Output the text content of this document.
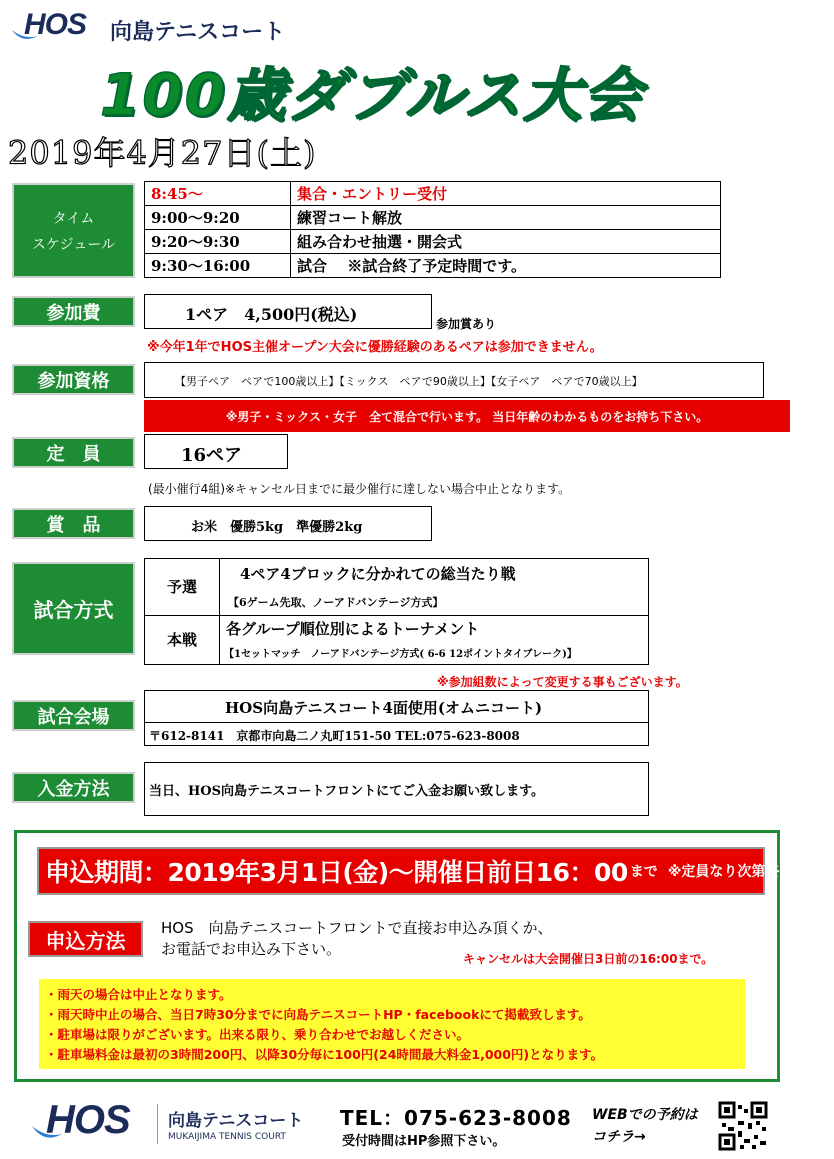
HOS 向島テニスコート
100歳ダブルス大会
2019年4月27日(土)
タイム
スケジュール
8:45～	集合・エントリー受付
9:00～9:20	練習コート解放
9:20～9:30	組み合わせ抽選・開会式
9:30～16:00	試合　 ※試合終了予定時間です。
参加費	1ペア　4,500円(税込)	参加賞あり
※今年1年でHOS主催オープン大会に優勝経験のあるペアは参加できません。
参加資格	【男子ペア　ペアで100歳以上】【ミックス　ペアで90歳以上】【女子ペア　ペアで70歳以上】
※男子・ミックス・女子　全て混合で行います。 当日年齢のわかるものをお持ち下さい。
定　員	16ペア
(最小催行4組)※キャンセル日までに最少催行に達しない場合中止となります。
賞　品	お米　優勝5kg　準優勝2kg
試合方式
予選	4ペア4ブロックに分かれての総当たり戦
【6ゲーム先取、ノーアドバンテージ方式】

本戦	各グループ順位別によるトーナメント
【1セットマッチ　ノーアドバンテージ方式( 6-6 12ポイントタイブレーク)】
※参加組数によって変更する事もございます。
試合会場	HOS向島テニスコート4面使用(オムニコート)
〒612-8141　京都市向島二ノ丸町151-50 TEL:075-623-8008
入金方法	当日、HOS向島テニスコートフロントにてご入金お願い致します。
申込期間：2019年3月1日(金)～開催日前日16：00 まで ※定員なり次第終了です。
申込方法
HOS　向島テニスコートフロントで直接お申込み頂くか、
お電話でお申込み下さい。
キャンセルは大会開催日3日前の16:00まで。
・雨天の場合は中止となります。
・雨天時中止の場合、当日7時30分までに向島テニスコートHP・facebookにて掲載致します。
・駐車場は限りがございます。出来る限り、乗り合わせでお越しください。
・駐車場料金は最初の3時間200円、以降30分毎に100円(24時間最大料金1,000円)となります。
HOS 向島テニスコート
MUKAIJIMA TENNIS COURT
TEL：075-623-8008
受付時間はHP参照下さい。
WEBでの予約は
コチラ→
